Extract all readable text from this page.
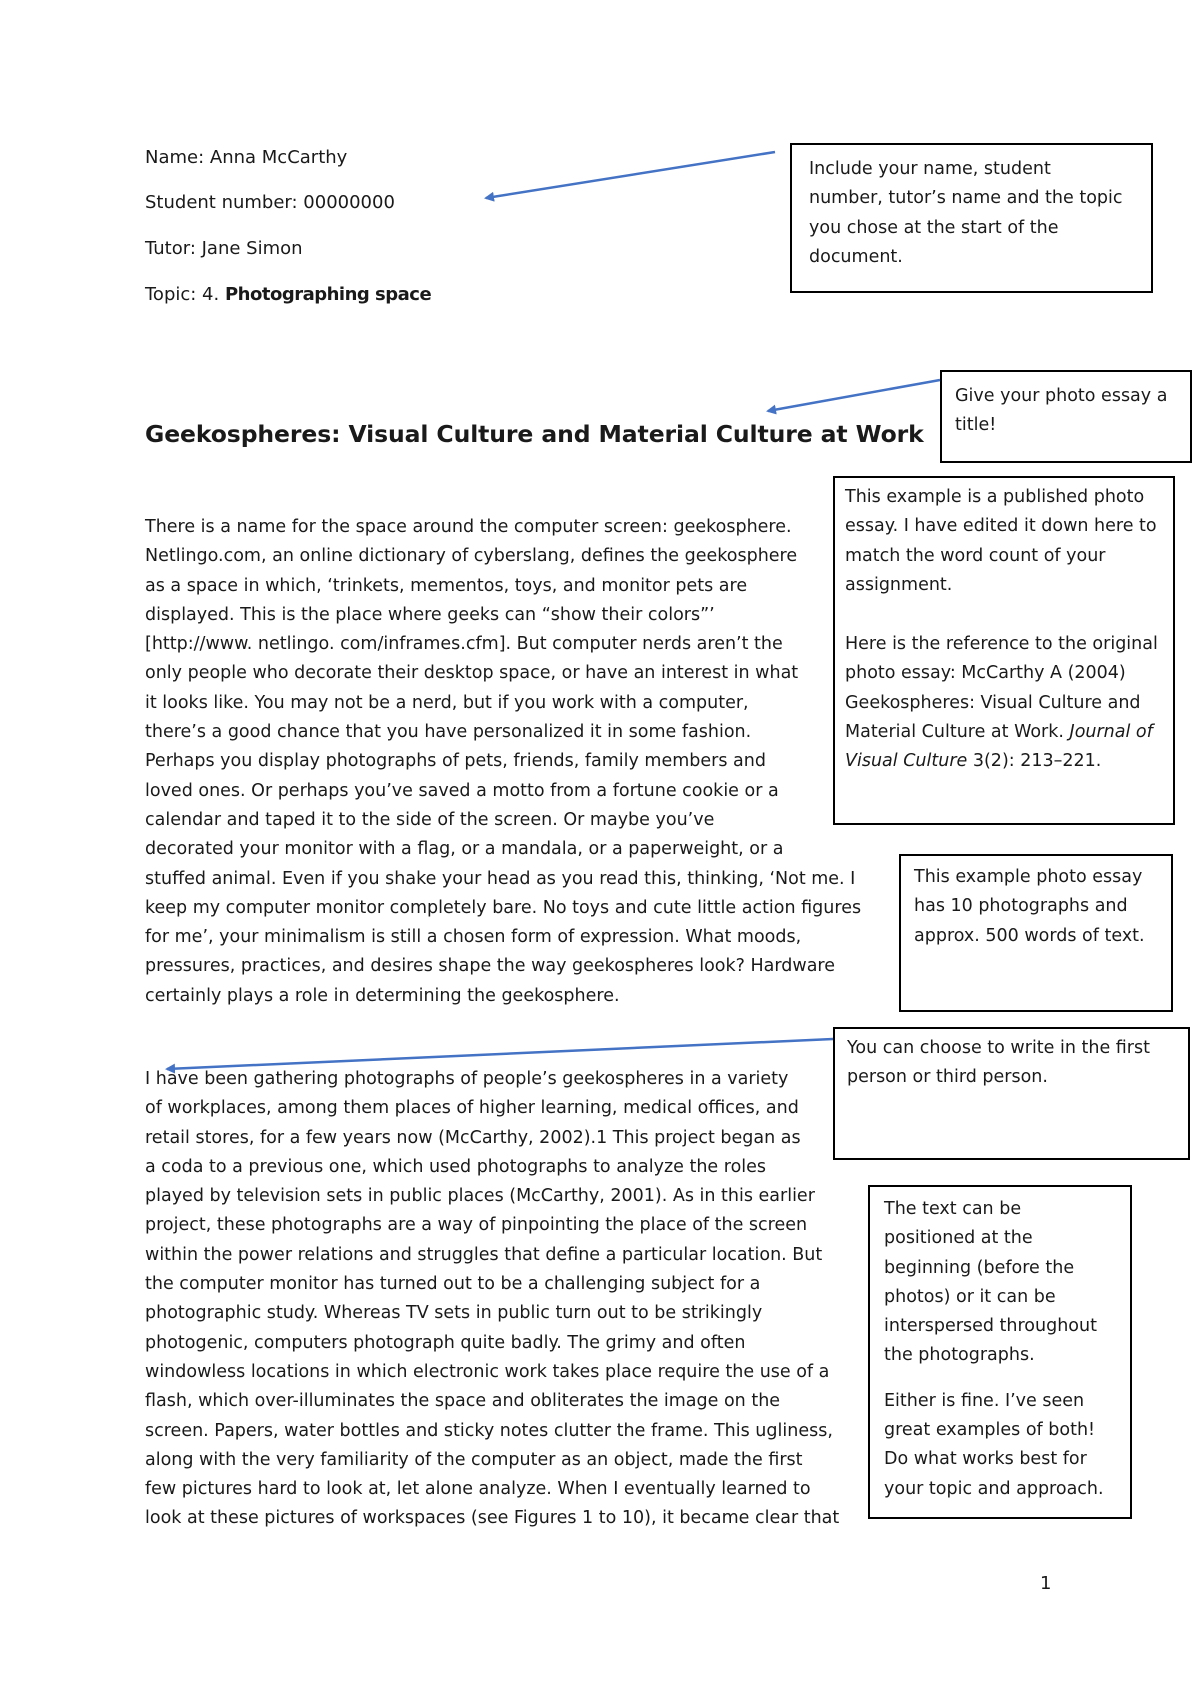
Name: Anna McCarthy
Student number: 00000000
Tutor: Jane Simon
Topic: 4. Photographing space
Geekospheres: Visual Culture and Material Culture at Work
There is a name for the space around the computer screen: geekosphere.
Netlingo.com, an online dictionary of cyberslang, defines the geekosphere
as a space in which, ‘trinkets, mementos, toys, and monitor pets are
displayed. This is the place where geeks can “show their colors”’
[http://www. netlingo. com/inframes.cfm]. But computer nerds aren’t the
only people who decorate their desktop space, or have an interest in what
it looks like. You may not be a nerd, but if you work with a computer,
there’s a good chance that you have personalized it in some fashion.
Perhaps you display photographs of pets, friends, family members and
loved ones. Or perhaps you’ve saved a motto from a fortune cookie or a
calendar and taped it to the side of the screen. Or maybe you’ve
decorated your monitor with a flag, or a mandala, or a paperweight, or a
stuffed animal. Even if you shake your head as you read this, thinking, ‘Not me. I
keep my computer monitor completely bare. No toys and cute little action figures
for me’, your minimalism is still a chosen form of expression. What moods,
pressures, practices, and desires shape the way geekospheres look? Hardware
certainly plays a role in determining the geekosphere.
I have been gathering photographs of people’s geekospheres in a variety
of workplaces, among them places of higher learning, medical offices, and
retail stores, for a few years now (McCarthy, 2002).1 This project began as
a coda to a previous one, which used photographs to analyze the roles
played by television sets in public places (McCarthy, 2001). As in this earlier
project, these photographs are a way of pinpointing the place of the screen
within the power relations and struggles that define a particular location. But
the computer monitor has turned out to be a challenging subject for a
photographic study. Whereas TV sets in public turn out to be strikingly
photogenic, computers photograph quite badly. The grimy and often
windowless locations in which electronic work takes place require the use of a
flash, which over-illuminates the space and obliterates the image on the
screen. Papers, water bottles and sticky notes clutter the frame. This ugliness,
along with the very familiarity of the computer as an object, made the first
few pictures hard to look at, let alone analyze. When I eventually learned to
look at these pictures of workspaces (see Figures 1 to 10), it became clear that
Include your name, student
number, tutor’s name and the topic
you chose at the start of the
document.
Give your photo essay a
title!
This example is a published photo
essay. I have edited it down here to
match the word count of your
assignment.
Here is the reference to the original
photo essay: McCarthy A (2004)
Geekospheres: Visual Culture and
Material Culture at Work. Journal of
Visual Culture 3(2): 213–221.
This example photo essay
has 10 photographs and
approx. 500 words of text.
You can choose to write in the first
person or third person.
The text can be
positioned at the
beginning (before the
photos) or it can be
interspersed throughout
the photographs.
Either is fine. I’ve seen
great examples of both!
Do what works best for
your topic and approach.
1
